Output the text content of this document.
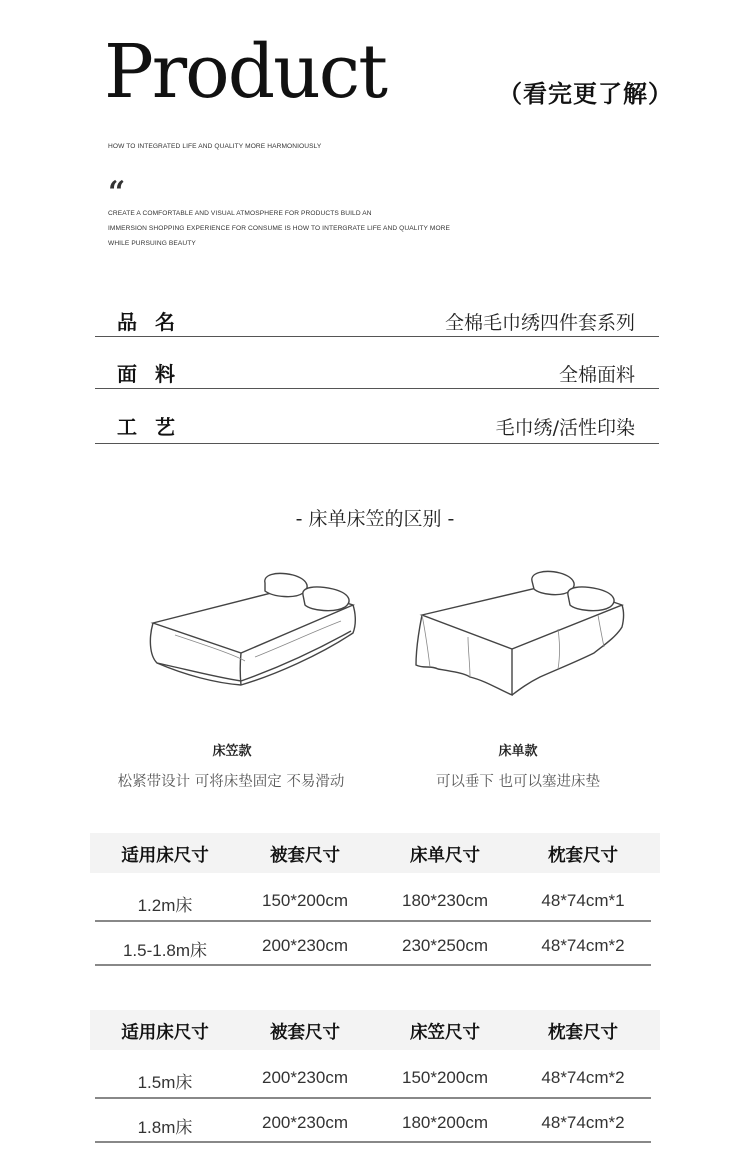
Product	（看完更了解）
HOW TO INTEGRATED LIFE AND QUALITY MORE HARMONIOUSLY
“
CREATE A COMFORTABLE AND VISUAL ATMOSPHERE FOR PRODUCTS BUILD AN
IMMERSION SHOPPING EXPERIENCE FOR CONSUME IS HOW TO INTERGRATE LIFE AND QUALITY MORE
WHILE PURSUING BEAUTY
品名	全棉毛巾绣四件套系列
面料	全棉面料
工艺	毛巾绣/活性印染
- 床单床笠的区别 -
床笠款
松紧带设计 可将床垫固定 不易滑动
床单款
可以垂下 也可以塞进床垫
适用床尺寸	被套尺寸	床单尺寸	枕套尺寸
1.2m床	150*200cm	180*230cm	48*74cm*1
1.5-1.8m床	200*230cm	230*250cm	48*74cm*2
适用床尺寸	被套尺寸	床笠尺寸	枕套尺寸
1.5m床	200*230cm	150*200cm	48*74cm*2
1.8m床	200*230cm	180*200cm	48*74cm*2
